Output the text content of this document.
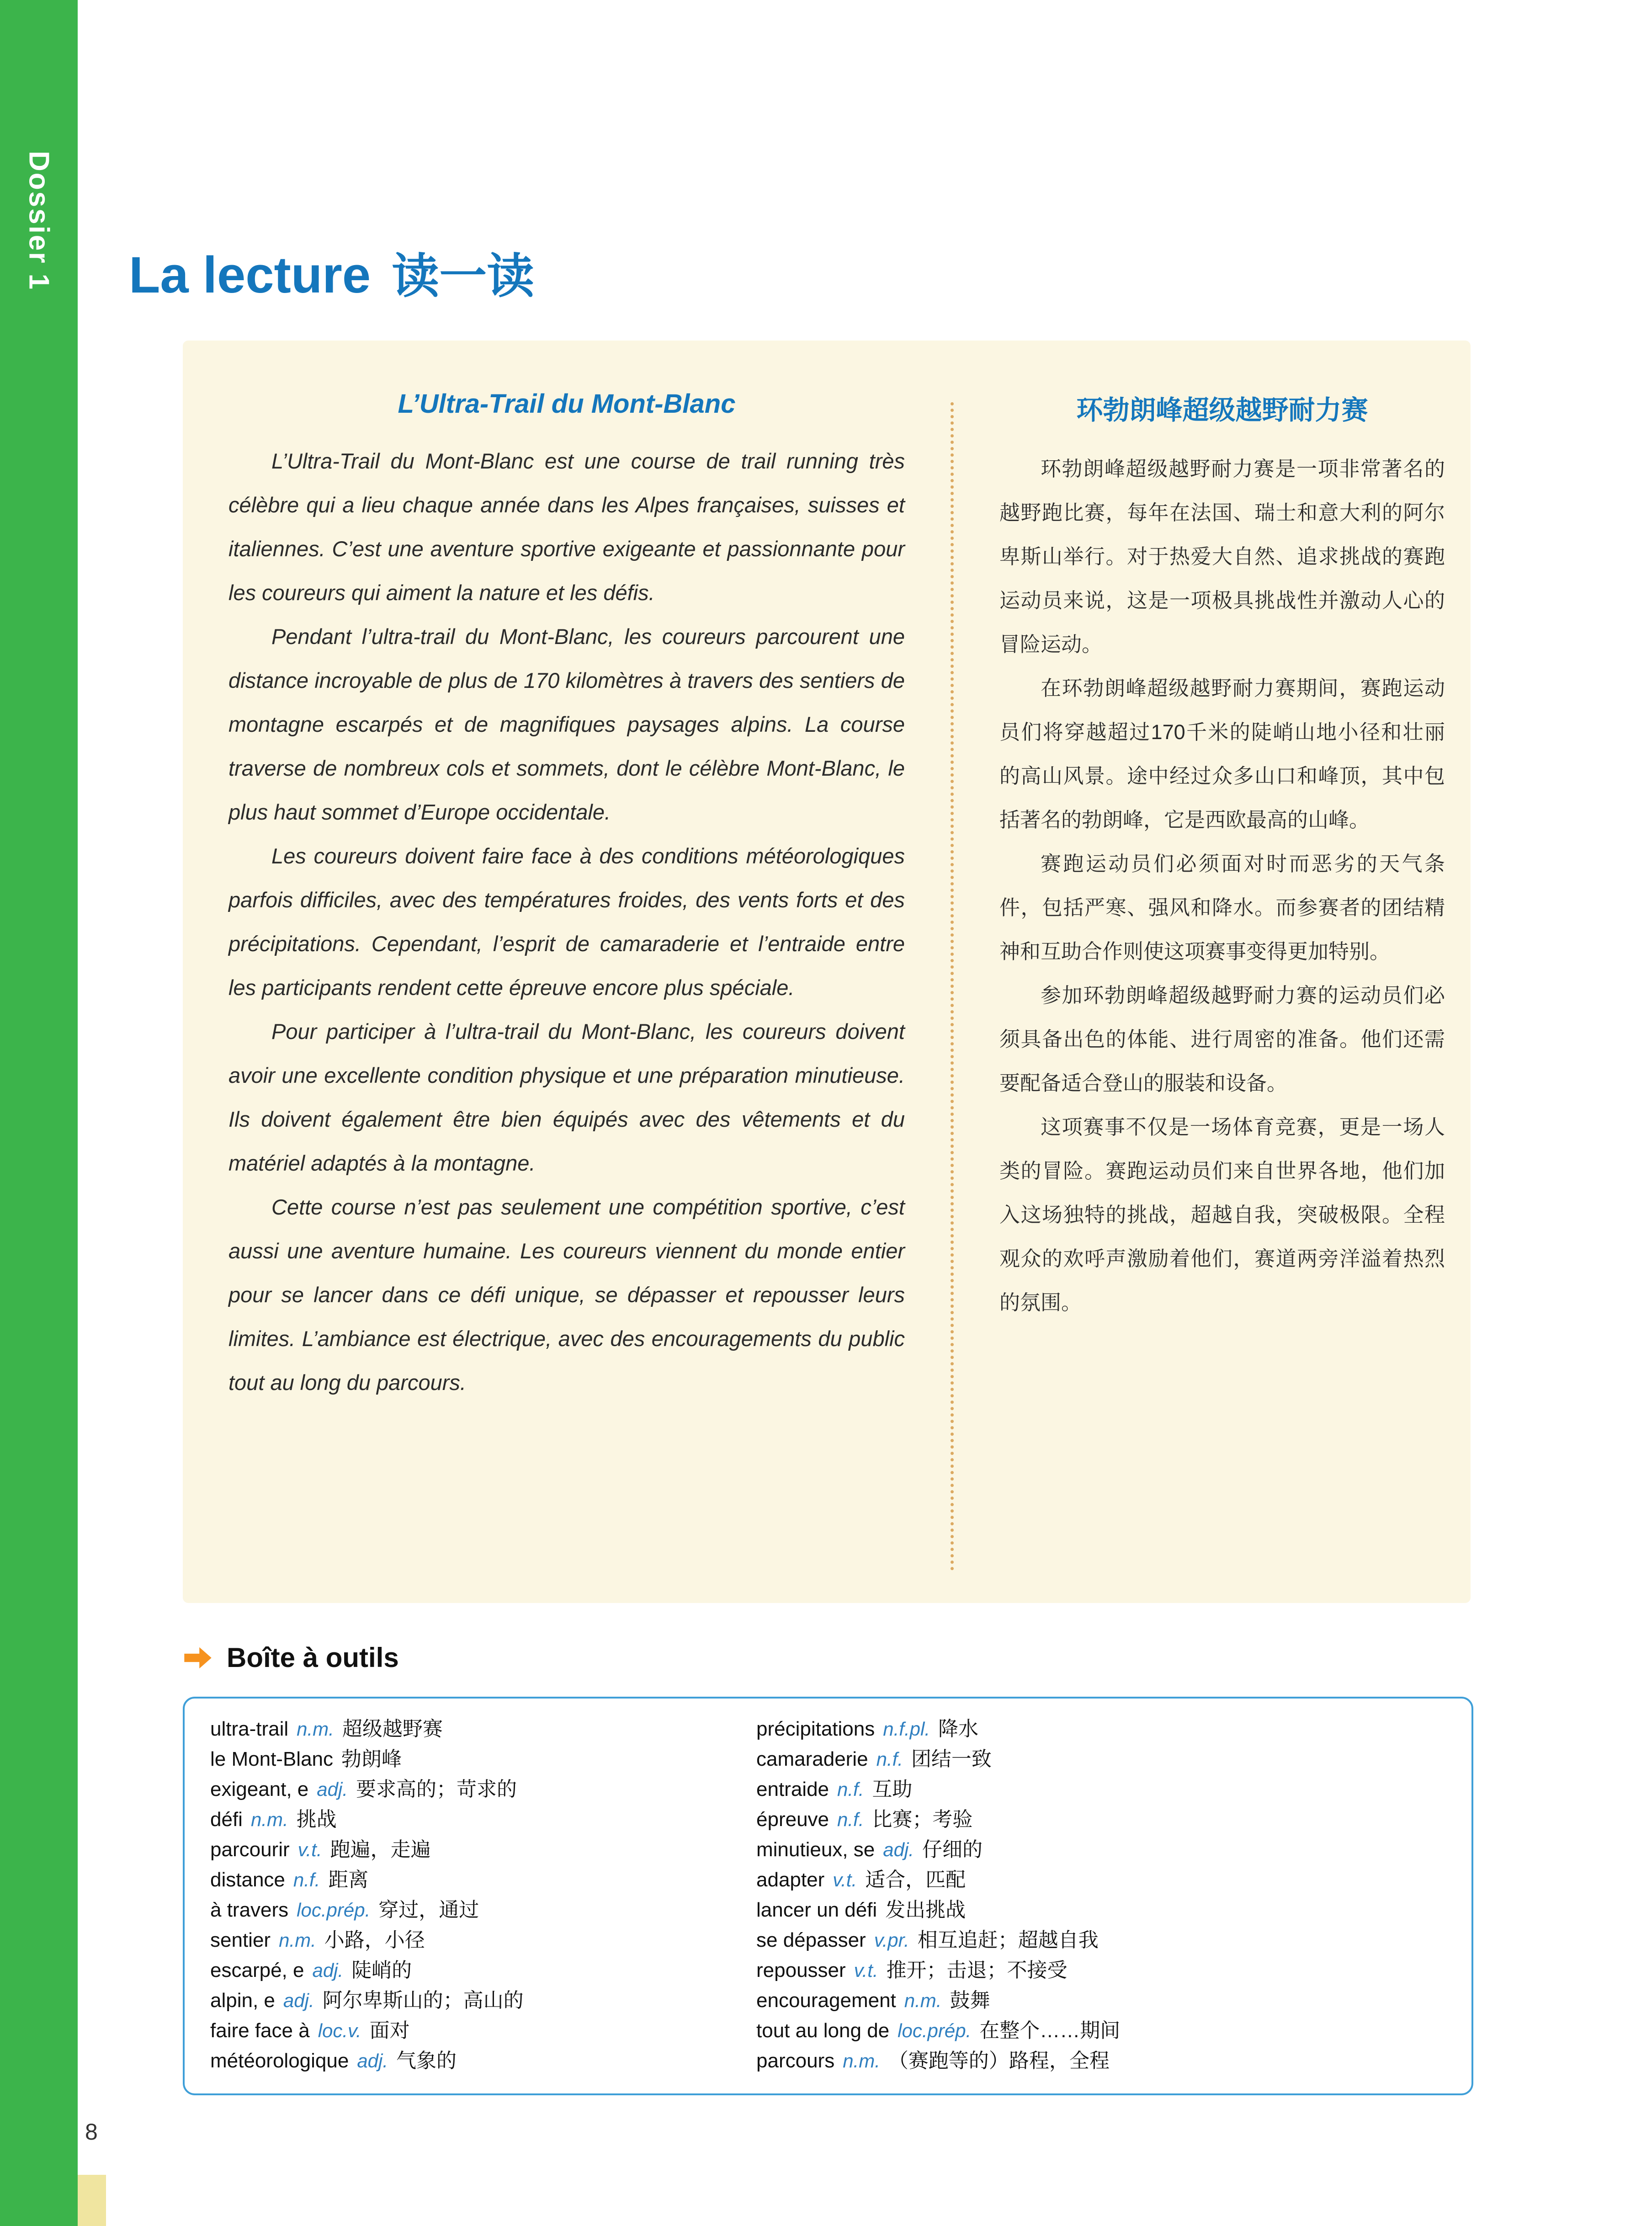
Dossier 1 La lecture 读一读
L’Ultra-Trail du Mont-Blanc

L’Ultra-Trail du Mont-Blanc est une course de trail running très célèbre qui a lieu chaque année dans les Alpes françaises, suisses et italiennes. C’est une aventure sportive exigeante et passionnante pour les coureurs qui aiment la nature et les défis.

Pendant l’ultra-trail du Mont-Blanc, les coureurs parcourent une distance incroyable de plus de 170 kilomètres à travers des sentiers de montagne escarpés et de magnifiques paysages alpins. La course traverse de nombreux cols et sommets, dont le célèbre Mont-Blanc, le plus haut sommet d’Europe occidentale.

Les coureurs doivent faire face à des conditions météorologiques parfois difficiles, avec des températures froides, des vents forts et des précipitations. Cependant, l’esprit de camaraderie et l’entraide entre les participants rendent cette épreuve encore plus spéciale.

Pour participer à l’ultra-trail du Mont-Blanc, les coureurs doivent avoir une excellente condition physique et une préparation minutieuse. Ils doivent également être bien équipés avec des vêtements et du matériel adaptés à la montagne.

Cette course n’est pas seulement une compétition sportive, c’est aussi une aventure humaine. Les coureurs viennent du monde entier pour se lancer dans ce défi unique, se dépasser et repousser leurs limites. L’ambiance est électrique, avec des encouragements du public tout au long du parcours.

环勃朗峰超级越野耐力赛

环勃朗峰超级越野耐力赛是一项非常著名的越野跑比赛，每年在法国、瑞士和意大利的阿尔卑斯山举行。对于热爱大自然、追求挑战的赛跑运动员来说，这是一项极具挑战性并激动人心的冒险运动。

在环勃朗峰超级越野耐力赛期间，赛跑运动员们将穿越超过170千米的陡峭山地小径和壮丽的高山风景。途中经过众多山口和峰顶，其中包括著名的勃朗峰，它是西欧最高的山峰。

赛跑运动员们必须面对时而恶劣的天气条件，包括严寒、强风和降水。而参赛者的团结精神和互助合作则使这项赛事变得更加特别。

参加环勃朗峰超级越野耐力赛的运动员们必须具备出色的体能、进行周密的准备。他们还需要配备适合登山的服装和设备。

这项赛事不仅是一场体育竞赛，更是一场人类的冒险。赛跑运动员们来自世界各地，他们加入这场独特的挑战，超越自我，突破极限。全程观众的欢呼声激励着他们，赛道两旁洋溢着热烈的氛围。

Boîte à outils
ultra-trail n.m. 超级越野赛
le Mont-Blanc 勃朗峰
exigeant, e adj. 要求高的；苛求的
défi n.m. 挑战
parcourir v.t. 跑遍，走遍
distance n.f. 距离
à travers loc.prép. 穿过，通过
sentier n.m. 小路，小径
escarpé, e adj. 陡峭的
alpin, e adj. 阿尔卑斯山的；高山的
faire face à loc.v. 面对
météorologique adj. 气象的
précipitations n.f.pl. 降水
camaraderie n.f. 团结一致
entraide n.f. 互助
épreuve n.f. 比赛；考验
minutieux, se adj. 仔细的
adapter v.t. 适合，匹配
lancer un défi 发出挑战
se dépasser v.pr. 相互追赶；超越自我
repousser v.t. 推开；击退；不接受
encouragement n.m. 鼓舞
tout au long de loc.prép. 在整个……期间
parcours n.m. （赛跑等的）路程，全程
8
